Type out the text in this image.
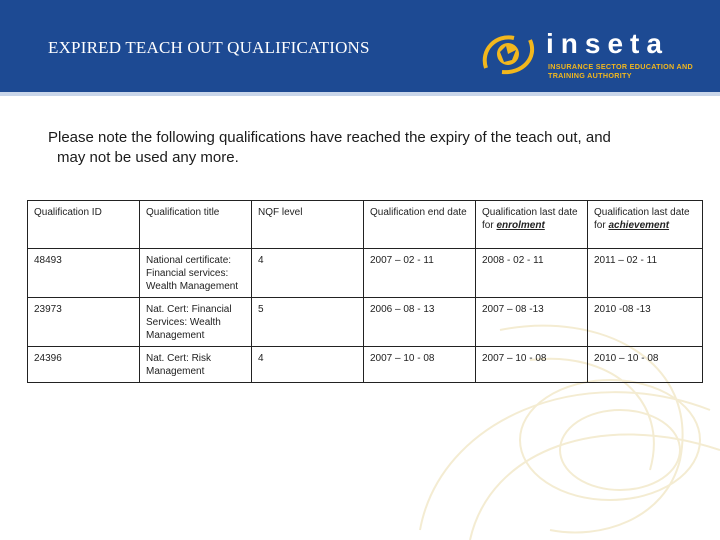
EXPIRED TEACH OUT QUALIFICATIONS	inseta
INSURANCE SECTOR EDUCATION AND TRAINING AUTHORITY
Please note the following qualifications have reached the expiry of the teach out, and
may not be used any more.
Qualification ID	Qualification title	NQF level	Qualification end date	Qualification last date for enrolment	Qualification last date for achievement
48493	National certificate: Financial services: Wealth Management	4	2007 – 02 - 11	2008 - 02 - 11	2011 – 02 - 11
23973	Nat. Cert: Financial Services: Wealth Management	5	2006 – 08 - 13	2007 – 08 -13	2010 -08 -13
24396	Nat. Cert: Risk Management	4	2007 – 10 - 08	2007 – 10 - 08	2010 – 10 - 08
